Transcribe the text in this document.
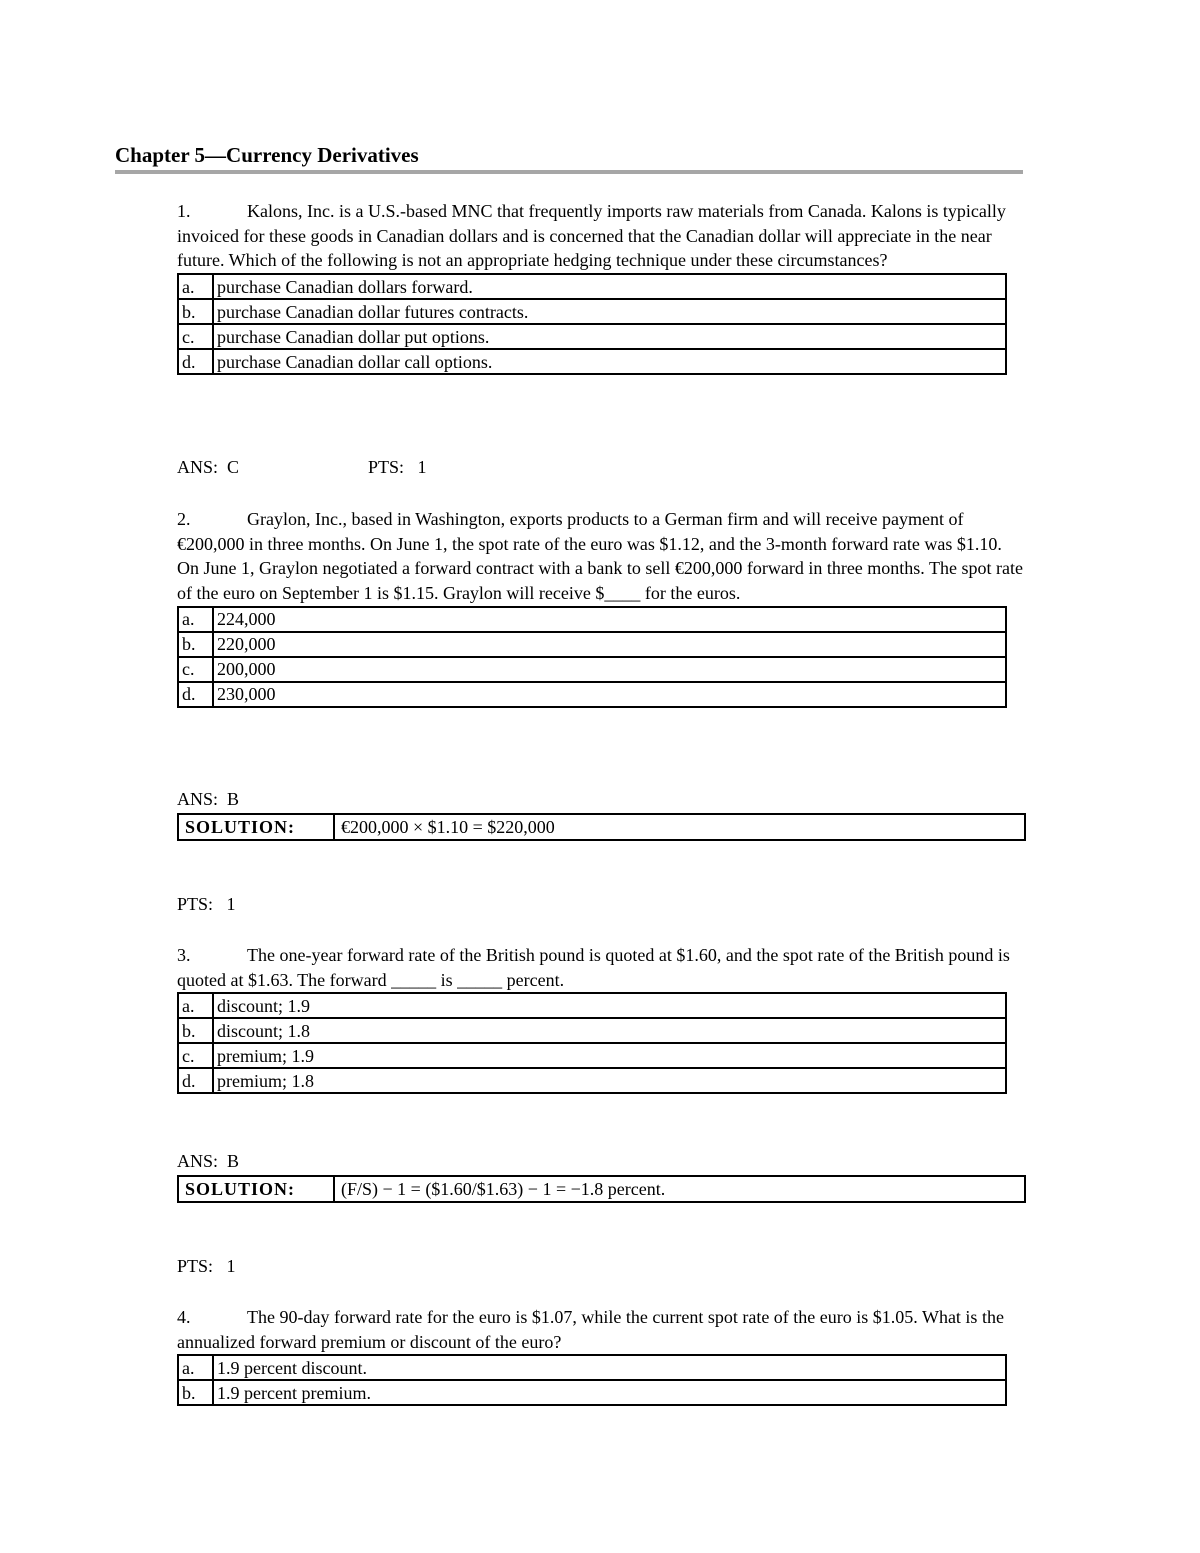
Chapter 5—Currency Derivatives

1.	Kalons, Inc. is a U.S.-based MNC that frequently imports raw materials from Canada. Kalons is typically invoiced for these goods in Canadian dollars and is concerned that the Canadian dollar will appreciate in the near future. Which of the following is not an appropriate hedging technique under these circumstances?

a.	purchase Canadian dollars forward.
b.	purchase Canadian dollar futures contracts.
c.	purchase Canadian dollar put options.
d.	purchase Canadian dollar call options.
ANS:  C	PTS:   1

2.	Graylon, Inc., based in Washington, exports products to a German firm and will receive payment of €200,000 in three months. On June 1, the spot rate of the euro was $1.12, and the 3-month forward rate was $1.10. On June 1, Graylon negotiated a forward contract with a bank to sell €200,000 forward in three months. The spot rate of the euro on September 1 is $1.15. Graylon will receive $____ for the euros.

a.	224,000
b.	220,000
c.	200,000
d.	230,000
ANS:  B
SOLUTION:	€200,000 × $1.10 = $220,000
PTS:   1

3.	The one-year forward rate of the British pound is quoted at $1.60, and the spot rate of the British pound is quoted at $1.63. The forward _____ is _____ percent.

a.	discount; 1.9
b.	discount; 1.8
c.	premium; 1.9
d.	premium; 1.8
ANS:  B
SOLUTION:	(F/S) − 1 = ($1.60/$1.63) − 1 = −1.8 percent.
PTS:   1

4.	The 90-day forward rate for the euro is $1.07, while the current spot rate of the euro is $1.05. What is the annualized forward premium or discount of the euro?

a.	1.9 percent discount.
b.	1.9 percent premium.
